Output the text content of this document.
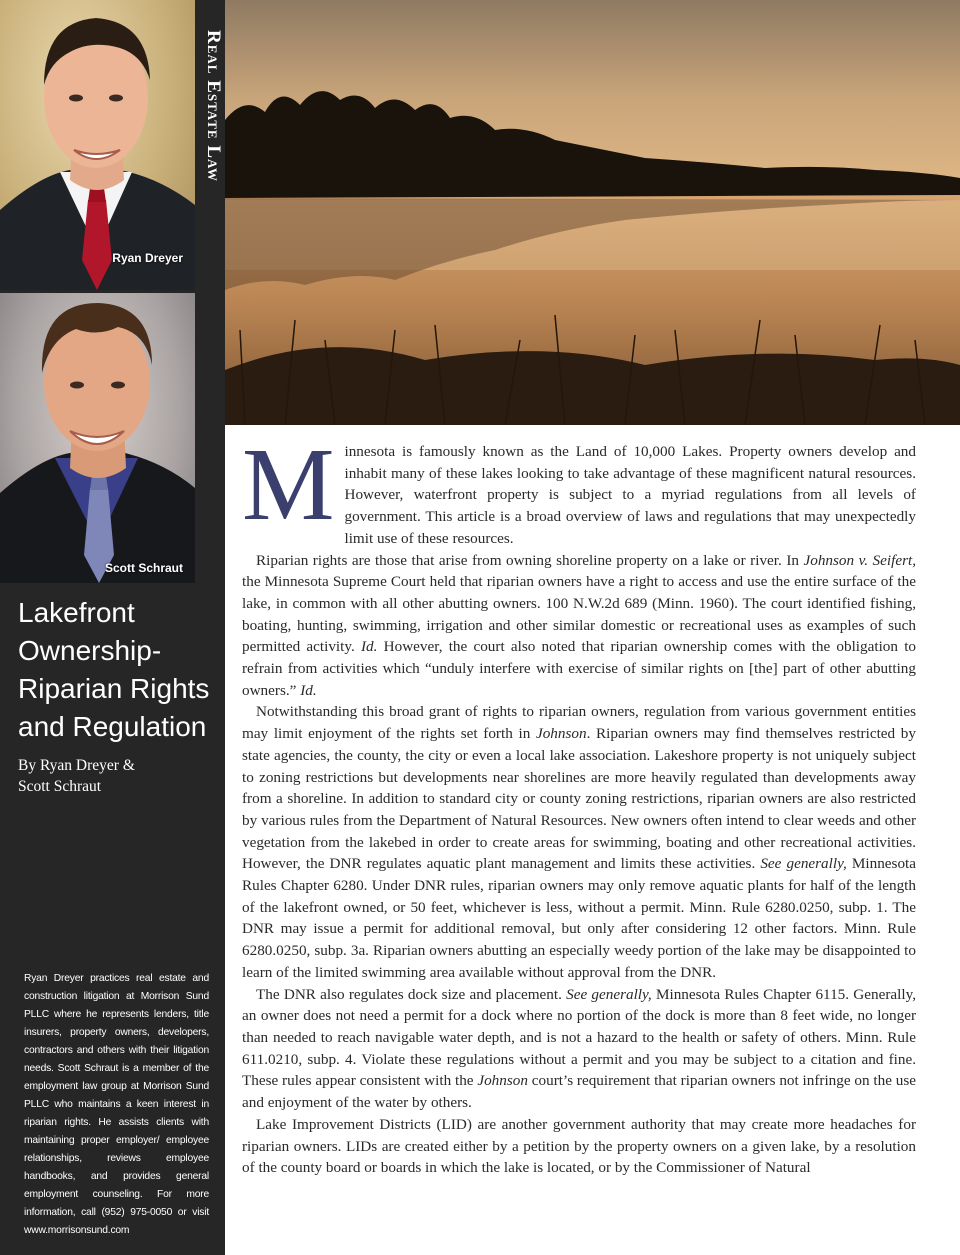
Ryan Dreyer
Scott Schraut
Real Estate Law
Lakefront
Ownership-
Riparian Rights
and Regulation
By Ryan Dreyer &
Scott Schraut
Ryan Dreyer practices real estate and construction litigation at Morrison Sund PLLC where he represents lenders, title insurers, property owners, developers, contractors and others with their litigation needs. Scott Schraut is a member of the employment law group at Morrison Sund PLLC who maintains a keen interest in riparian rights. He assists clients with maintaining proper employer/ employee relationships, reviews employee handbooks, and provides general employment counseling. For more information, call (952) 975-0050 or visit www.morrisonsund.com

Minnesota is famously known as the Land of 10,000 Lakes. Property owners develop and inhabit many of these lakes looking to take advantage of these magnificent natural resources. However, waterfront property is subject to a myriad regulations from all levels of government. This article is a broad overview of laws and regulations that may unexpectedly limit use of these resources.

Riparian rights are those that arise from owning shoreline property on a lake or river. In Johnson v. Seifert, the Minnesota Supreme Court held that riparian owners have a right to access and use the entire surface of the lake, in common with all other abutting owners. 100 N.W.2d 689 (Minn. 1960). The court identified fishing, boating, hunting, swimming, irrigation and other similar domestic or recreational uses as examples of such permitted activity. Id. However, the court also noted that riparian ownership comes with the obligation to refrain from activities which “unduly interfere with exercise of similar rights on [the] part of other abutting owners.” Id.

Notwithstanding this broad grant of rights to riparian owners, regulation from various government entities may limit enjoyment of the rights set forth in Johnson. Riparian owners may find themselves restricted by state agencies, the county, the city or even a local lake association. Lakeshore property is not uniquely subject to zoning restrictions but developments near shorelines are more heavily regulated than developments away from a shoreline. In addition to standard city or county zoning restrictions, riparian owners are also restricted by various rules from the Department of Natural Resources. New owners often intend to clear weeds and other vegetation from the lakebed in order to create areas for swimming, boating and other recreational activities. However, the DNR regulates aquatic plant management and limits these activities. See generally, Minnesota Rules Chapter 6280. Under DNR rules, riparian owners may only remove aquatic plants for half of the length of the lakefront owned, or 50 feet, whichever is less, without a permit. Minn. Rule 6280.0250, subp. 1. The DNR may issue a permit for additional removal, but only after considering 12 other factors. Minn. Rule 6280.0250, subp. 3a. Riparian owners abutting an especially weedy portion of the lake may be disappointed to learn of the limited swimming area available without approval from the DNR.

The DNR also regulates dock size and placement. See generally, Minnesota Rules Chapter 6115. Generally, an owner does not need a permit for a dock where no portion of the dock is more than 8 feet wide, no longer than needed to reach navigable water depth, and is not a hazard to the health or safety of others. Minn. Rule 611.0210, subp. 4. Violate these regulations without a permit and you may be subject to a citation and fine. These rules appear consistent with the Johnson court’s requirement that riparian owners not infringe on the use and enjoyment of the water by others.

Lake Improvement Districts (LID) are another government authority that may create more headaches for riparian owners. LIDs are created either by a petition by the property owners on a given lake, by a resolution of the county board or boards in which the lake is located, or by the Commissioner of Natural
